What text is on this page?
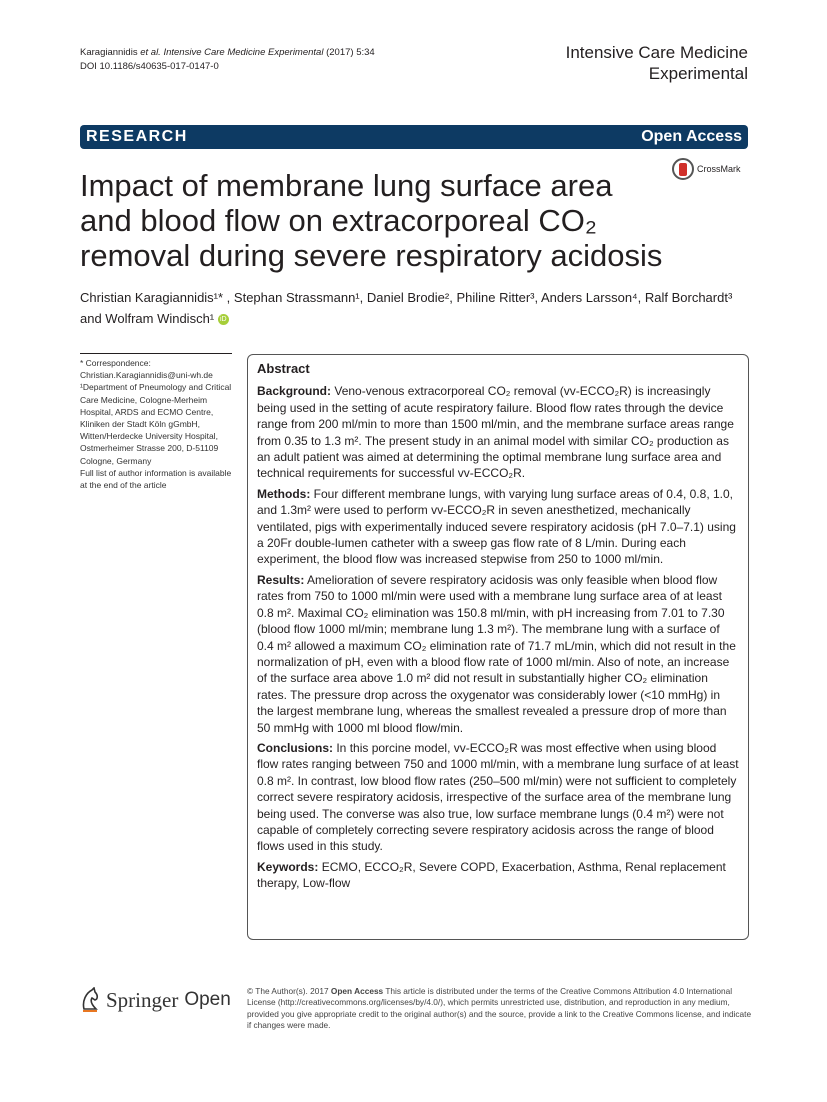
Karagiannidis et al. Intensive Care Medicine Experimental (2017) 5:34
DOI 10.1186/s40635-017-0147-0
Intensive Care Medicine
Experimental
RESEARCH	Open Access
Impact of membrane lung surface area and blood flow on extracorporeal CO₂ removal during severe respiratory acidosis
CrossMark
Christian Karagiannidis¹* , Stephan Strassmann¹, Daniel Brodie², Philine Ritter³, Anders Larsson⁴, Ralf Borchardt³ and Wolfram Windisch¹ iD
* Correspondence:
Christian.Karagiannidis@uni-wh.de
¹Department of Pneumology and Critical Care Medicine, Cologne-Merheim Hospital, ARDS and ECMO Centre, Kliniken der Stadt Köln gGmbH, Witten/Herdecke University Hospital, Ostmerheimer Strasse 200, D-51109 Cologne, Germany
Full list of author information is available at the end of the article
Abstract

Background: Veno-venous extracorporeal CO₂ removal (vv-ECCO₂R) is increasingly being used in the setting of acute respiratory failure. Blood flow rates through the device range from 200 ml/min to more than 1500 ml/min, and the membrane surface areas range from 0.35 to 1.3 m². The present study in an animal model with similar CO₂ production as an adult patient was aimed at determining the optimal membrane lung surface area and technical requirements for successful vv-ECCO₂R.

Methods: Four different membrane lungs, with varying lung surface areas of 0.4, 0.8, 1.0, and 1.3m² were used to perform vv-ECCO₂R in seven anesthetized, mechanically ventilated, pigs with experimentally induced severe respiratory acidosis (pH 7.0–7.1) using a 20Fr double-lumen catheter with a sweep gas flow rate of 8 L/min. During each experiment, the blood flow was increased stepwise from 250 to 1000 ml/min.

Results: Amelioration of severe respiratory acidosis was only feasible when blood flow rates from 750 to 1000 ml/min were used with a membrane lung surface area of at least 0.8 m². Maximal CO₂ elimination was 150.8 ml/min, with pH increasing from 7.01 to 7.30 (blood flow 1000 ml/min; membrane lung 1.3 m²). The membrane lung with a surface of 0.4 m² allowed a maximum CO₂ elimination rate of 71.7 mL/min, which did not result in the normalization of pH, even with a blood flow rate of 1000 ml/min. Also of note, an increase of the surface area above 1.0 m² did not result in substantially higher CO₂ elimination rates. The pressure drop across the oxygenator was considerably lower (<10 mmHg) in the largest membrane lung, whereas the smallest revealed a pressure drop of more than 50 mmHg with 1000 ml blood flow/min.

Conclusions: In this porcine model, vv-ECCO₂R was most effective when using blood flow rates ranging between 750 and 1000 ml/min, with a membrane lung surface of at least 0.8 m². In contrast, low blood flow rates (250–500 ml/min) were not sufficient to completely correct severe respiratory acidosis, irrespective of the surface area of the membrane lung being used. The converse was also true, low surface membrane lungs (0.4 m²) were not capable of completely correcting severe respiratory acidosis across the range of blood flows used in this study.

Keywords: ECMO, ECCO₂R, Severe COPD, Exacerbation, Asthma, Renal replacement therapy, Low-flow

Springer Open © The Author(s). 2017 Open Access This article is distributed under the terms of the Creative Commons Attribution 4.0 International License (http://creativecommons.org/licenses/by/4.0/), which permits unrestricted use, distribution, and reproduction in any medium, provided you give appropriate credit to the original author(s) and the source, provide a link to the Creative Commons license, and indicate if changes were made.
